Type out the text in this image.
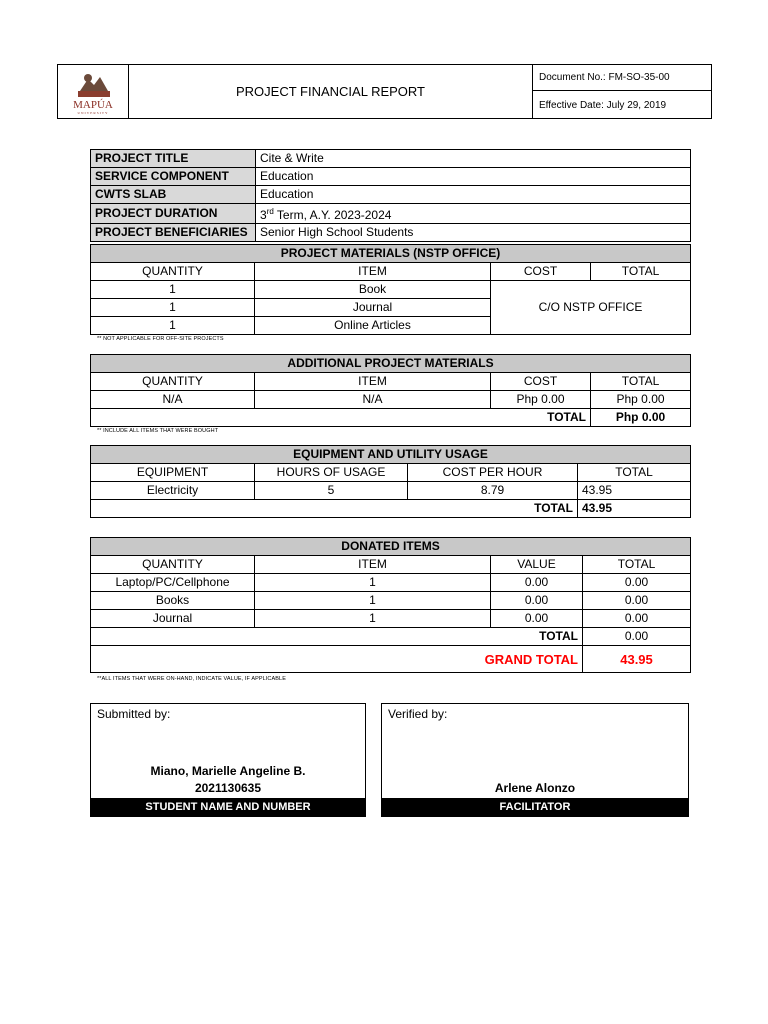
MAPÚA
UNIVERSITY
PROJECT FINANCIAL REPORT
Document No.: FM-SO-35-00
Effective Date: July 29, 2019
PROJECT TITLE	Cite & Write
SERVICE COMPONENT	Education
CWTS SLAB	Education
PROJECT DURATION	3rd Term, A.Y. 2023-2024
PROJECT BENEFICIARIES	Senior High School Students
PROJECT MATERIALS (NSTP OFFICE)			
QUANTITY	ITEM	COST	TOTAL
1	Book	C/O NSTP OFFICE	
1	Journal		
1	Online Articles		
** NOT APPLICABLE FOR OFF-SITE PROJECTS
ADDITIONAL PROJECT MATERIALS			
QUANTITY	ITEM	COST	TOTAL
N/A	N/A	Php 0.00	Php 0.00
TOTAL			Php 0.00
** INCLUDE ALL ITEMS THAT WERE BOUGHT
EQUIPMENT AND UTILITY USAGE			
EQUIPMENT	HOURS OF USAGE	COST PER HOUR	TOTAL
Electricity	5	8.79	43.95
TOTAL			43.95
DONATED ITEMS			
QUANTITY	ITEM	VALUE	TOTAL
Laptop/PC/Cellphone	1	0.00	0.00
Books	1	0.00	0.00
Journal	1	0.00	0.00
TOTAL			0.00
GRAND TOTAL			43.95
**ALL ITEMS THAT WERE ON-HAND, INDICATE VALUE, IF APPLICABLE
Submitted by:
Miano, Marielle Angeline B.
2021130635
STUDENT NAME AND NUMBER
Verified by:
Arlene Alonzo
FACILITATOR
